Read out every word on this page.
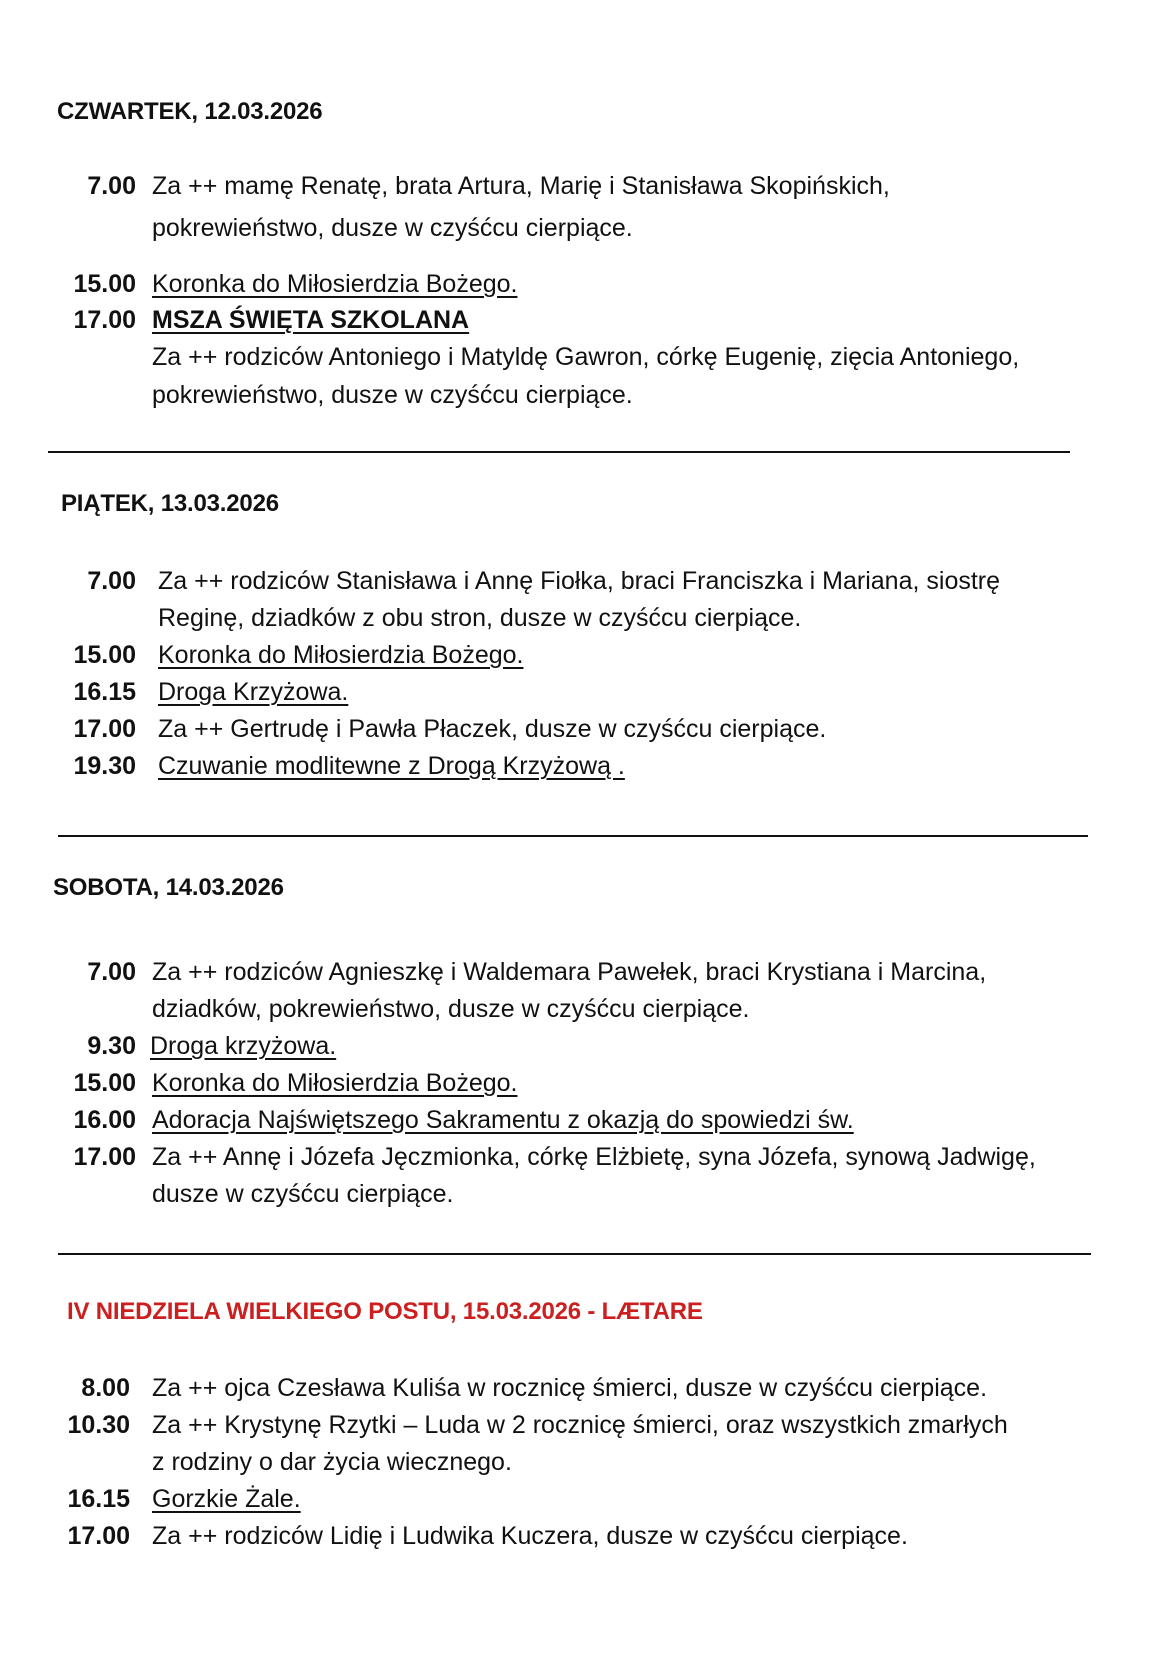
CZWARTEK, 12.03.2026
7.00 Za ++ mamę Renatę, brata Artura, Marię i Stanisława Skopińskich,
pokrewieństwo, dusze w czyśćcu cierpiące.
15.00 Koronka do Miłosierdzia Bożego.
17.00 MSZA ŚWIĘTA SZKOLANA
Za ++ rodziców Antoniego i Matyldę Gawron, córkę Eugenię, zięcia Antoniego,
pokrewieństwo, dusze w czyśćcu cierpiące.
PIĄTEK, 13.03.2026
7.00 Za ++ rodziców Stanisława i Annę Fiołka, braci Franciszka i Mariana, siostrę
Reginę, dziadków z obu stron, dusze w czyśćcu cierpiące.
15.00 Koronka do Miłosierdzia Bożego.
16.15 Droga Krzyżowa.
17.00 Za ++ Gertrudę i Pawła Płaczek, dusze w czyśćcu cierpiące.
19.30 Czuwanie modlitewne z Drogą Krzyżową .
SOBOTA, 14.03.2026
7.00 Za ++ rodziców Agnieszkę i Waldemara Pawełek, braci Krystiana i Marcina,
dziadków, pokrewieństwo, dusze w czyśćcu cierpiące.
9.30 Droga krzyżowa.
15.00 Koronka do Miłosierdzia Bożego.
16.00 Adoracja Najświętszego Sakramentu z okazją do spowiedzi św.
17.00 Za ++ Annę i Józefa Jęczmionka, córkę Elżbietę, syna Józefa, synową Jadwigę,
dusze w czyśćcu cierpiące.
IV NIEDZIELA WIELKIEGO POSTU, 15.03.2026 - LÆTARE
8.00 Za ++ ojca Czesława Kuliśa w rocznicę śmierci, dusze w czyśćcu cierpiące.
10.30 Za ++ Krystynę Rzytki – Luda w 2 rocznicę śmierci, oraz wszystkich zmarłych
z rodziny o dar życia wiecznego.
16.15 Gorzkie Żale.
17.00 Za ++ rodziców Lidię i Ludwika Kuczera, dusze w czyśćcu cierpiące.
